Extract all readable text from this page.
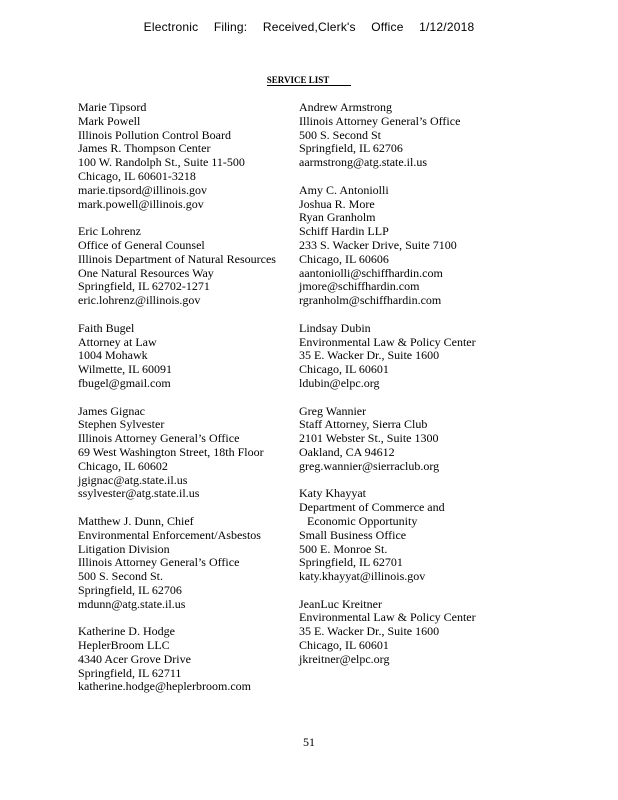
Electronic Filing: Received,Clerk's Office 1/12/2018
SERVICE LIST
Marie Tipsord
Mark Powell
Illinois Pollution Control Board
James R. Thompson Center
100 W. Randolph St., Suite 11-500
Chicago, IL 60601-3218
marie.tipsord@illinois.gov
mark.powell@illinois.gov
Eric Lohrenz
Office of General Counsel
Illinois Department of Natural Resources
One Natural Resources Way
Springfield, IL 62702-1271
eric.lohrenz@illinois.gov
Faith Bugel
Attorney at Law
1004 Mohawk
Wilmette, IL 60091
fbugel@gmail.com
James Gignac
Stephen Sylvester
Illinois Attorney General’s Office
69 West Washington Street, 18th Floor
Chicago, IL 60602
jgignac@atg.state.il.us
ssylvester@atg.state.il.us
Matthew J. Dunn, Chief
Environmental Enforcement/Asbestos
Litigation Division
Illinois Attorney General’s Office
500 S. Second St.
Springfield, IL 62706
mdunn@atg.state.il.us
Katherine D. Hodge
HeplerBroom LLC
4340 Acer Grove Drive
Springfield, IL 62711
katherine.hodge@heplerbroom.com
Andrew Armstrong
Illinois Attorney General’s Office
500 S. Second St
Springfield, IL 62706
aarmstrong@atg.state.il.us
Amy C. Antoniolli
Joshua R. More
Ryan Granholm
Schiff Hardin LLP
233 S. Wacker Drive, Suite 7100
Chicago, IL 60606
aantoniolli@schiffhardin.com
jmore@schiffhardin.com
rgranholm@schiffhardin.com
Lindsay Dubin
Environmental Law & Policy Center
35 E. Wacker Dr., Suite 1600
Chicago, IL 60601
ldubin@elpc.org
Greg Wannier
Staff Attorney, Sierra Club
2101 Webster St., Suite 1300
Oakland, CA 94612
greg.wannier@sierraclub.org
Katy Khayyat
Department of Commerce and
Economic Opportunity
Small Business Office
500 E. Monroe St.
Springfield, IL 62701
katy.khayyat@illinois.gov
JeanLuc Kreitner
Environmental Law & Policy Center
35 E. Wacker Dr., Suite 1600
Chicago, IL 60601
jkreitner@elpc.org
51
